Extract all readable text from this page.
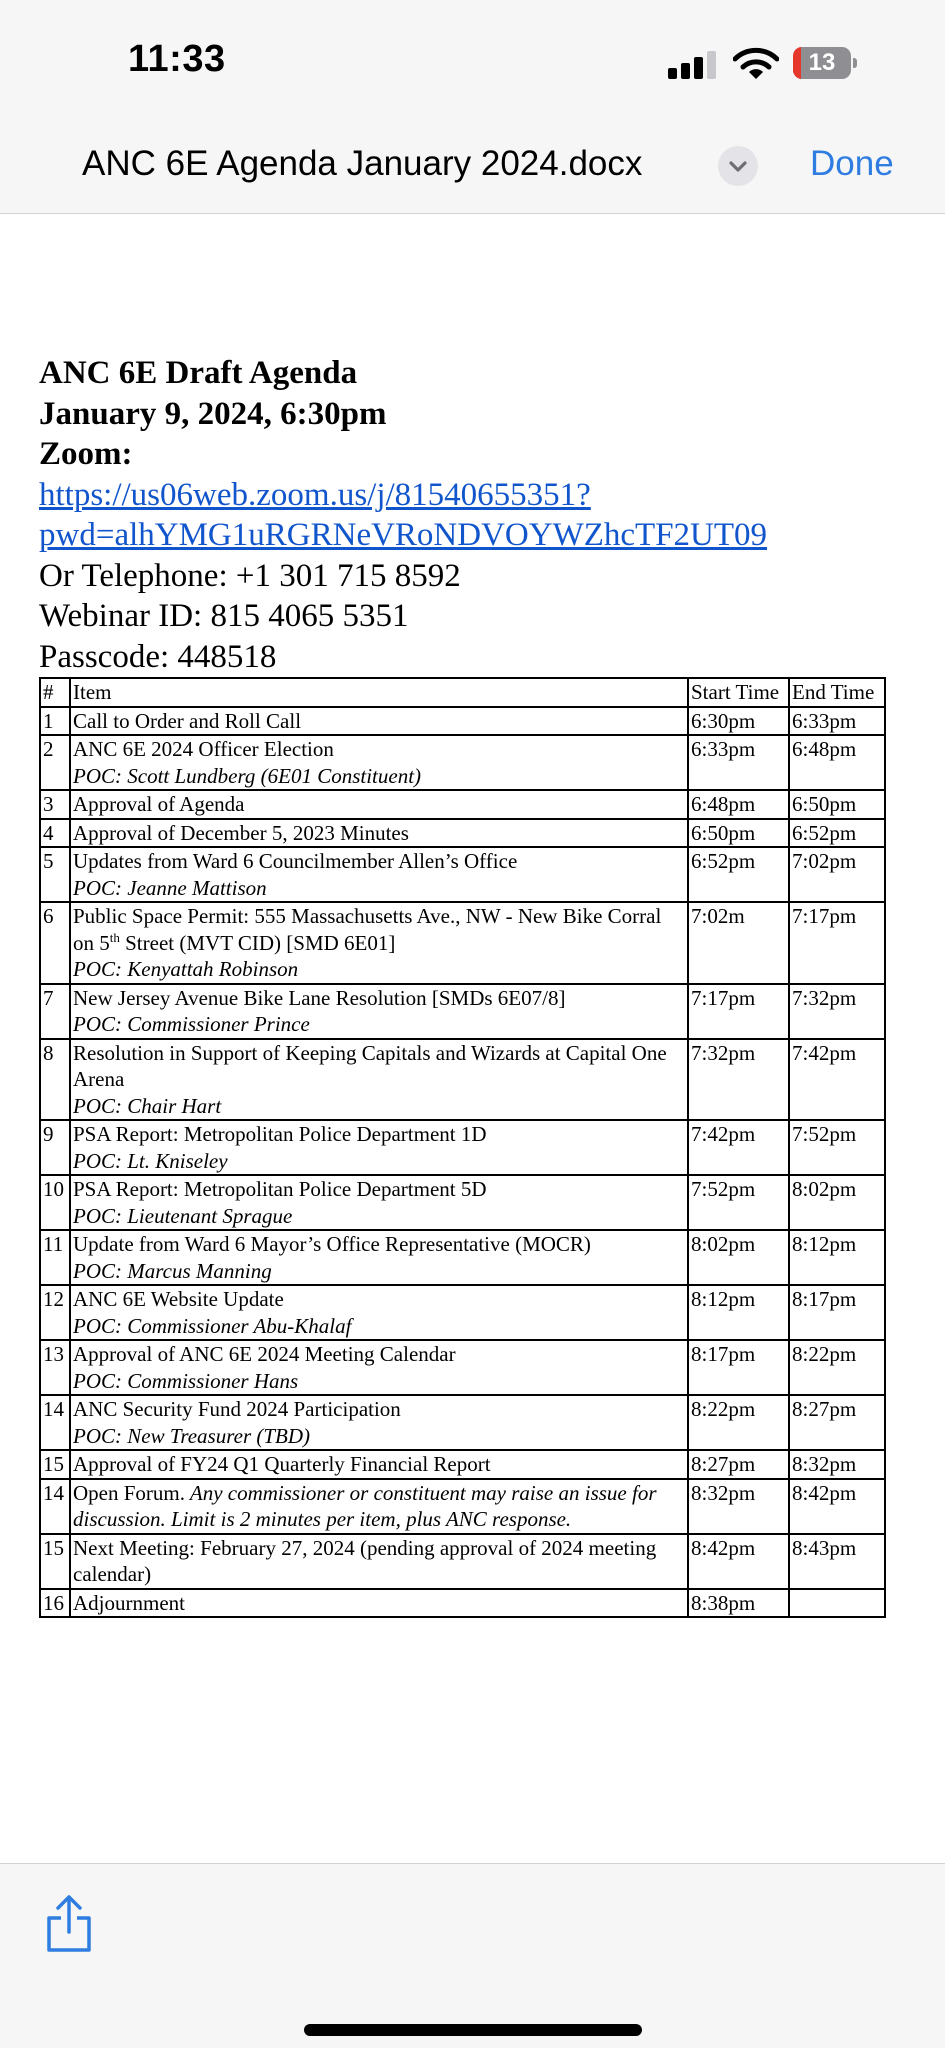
11:33	13
ANC 6E Agenda January 2024.docx	Done
ANC 6E Draft Agenda
January 9, 2024, 6:30pm
Zoom:
https://us06web.zoom.us/j/81540655351?
pwd=alhYMG1uRGRNeVRoNDVOYWZhcTF2UT09
Or Telephone: +1 301 715 8592
Webinar ID: 815 4065 5351
Passcode: 448518
#	Item	Start Time	End Time
1	Call to Order and Roll Call	6:30pm	6:33pm
2	ANC 6E 2024 Officer Election
POC: Scott Lundberg (6E01 Constituent)	6:33pm	6:48pm
3	Approval of Agenda	6:48pm	6:50pm
4	Approval of December 5, 2023 Minutes	6:50pm	6:52pm
5	Updates from Ward 6 Councilmember Allen’s Office
POC: Jeanne Mattison	6:52pm	7:02pm
6	Public Space Permit: 555 Massachusetts Ave., NW - New Bike Corral on 5th Street (MVT CID) [SMD 6E01]
POC: Kenyattah Robinson	7:02m	7:17pm
7	New Jersey Avenue Bike Lane Resolution [SMDs 6E07/8]
POC: Commissioner Prince	7:17pm	7:32pm
8	Resolution in Support of Keeping Capitals and Wizards at Capital One Arena
POC: Chair Hart	7:32pm	7:42pm
9	PSA Report: Metropolitan Police Department 1D
POC: Lt. Kniseley	7:42pm	7:52pm
10	PSA Report: Metropolitan Police Department 5D
POC: Lieutenant Sprague	7:52pm	8:02pm
11	Update from Ward 6 Mayor’s Office Representative (MOCR)
POC: Marcus Manning	8:02pm	8:12pm
12	ANC 6E Website Update
POC: Commissioner Abu-Khalaf	8:12pm	8:17pm
13	Approval of ANC 6E 2024 Meeting Calendar
POC: Commissioner Hans	8:17pm	8:22pm
14	ANC Security Fund 2024 Participation
POC: New Treasurer (TBD)	8:22pm	8:27pm
15	Approval of FY24 Q1 Quarterly Financial Report	8:27pm	8:32pm
14	Open Forum. Any commissioner or constituent may raise an issue for discussion. Limit is 2 minutes per item, plus ANC response.	8:32pm	8:42pm
15	Next Meeting: February 27, 2024 (pending approval of 2024 meeting calendar)	8:42pm	8:43pm
16	Adjournment	8:38pm	
